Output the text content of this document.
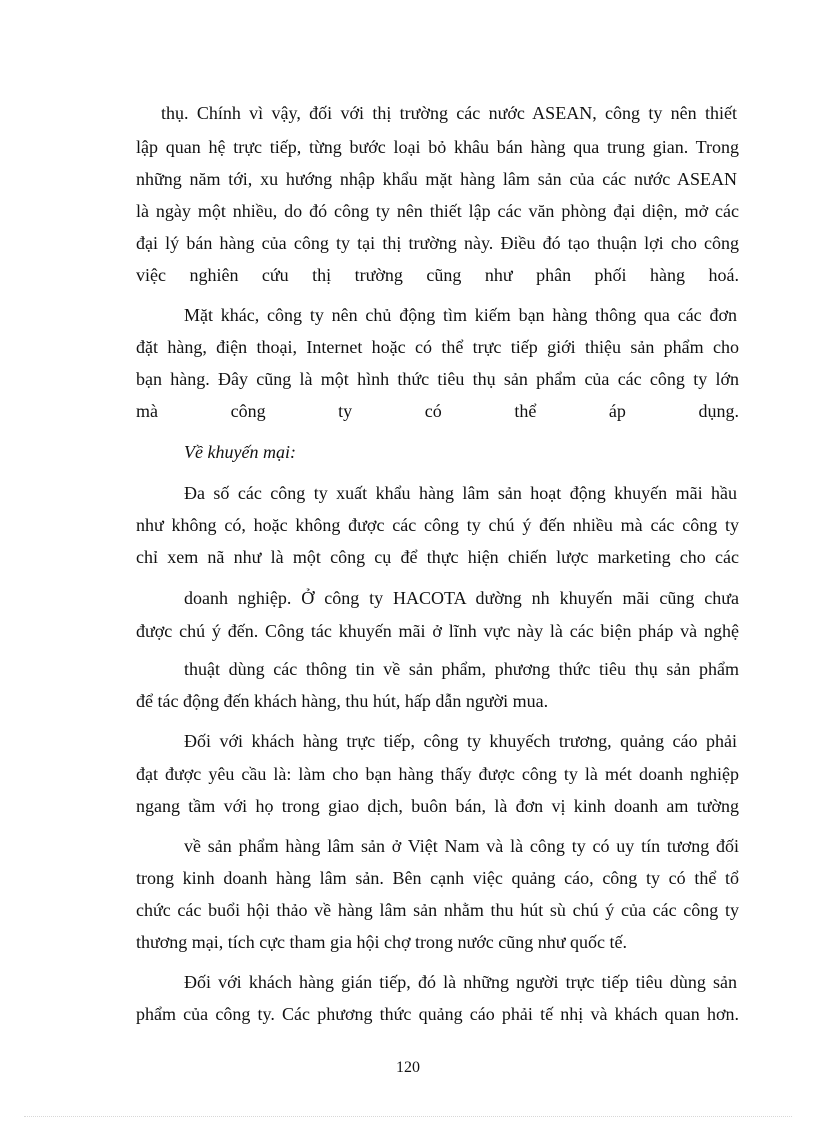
thụ. Chính vì vậy, đối với thị trường các nước ASEAN, công ty nên thiết
lập quan hệ trực tiếp, từng bước loại bỏ khâu bán hàng qua trung gian. Trong
những năm tới, xu hướng nhập khẩu mặt hàng lâm sản của các nước ASEAN
là ngày một nhiều, do đó công ty nên thiết lập các văn phòng đại diện, mở các
đại lý bán hàng của công ty tại thị trường này. Điều đó tạo thuận lợi cho công
việc nghiên cứu thị trường cũng như phân phối hàng hoá.
Mặt khác, công ty nên chủ động tìm kiếm bạn hàng thông qua các đơn
đặt hàng, điện thoại, Internet hoặc có thể trực tiếp giới thiệu sản phẩm cho
bạn hàng. Đây cũng là một hình thức tiêu thụ sản phẩm của các công ty lớn
mà công ty có thể áp dụng.
Về khuyến mại:
Đa số các công ty xuất khẩu hàng lâm sản hoạt động khuyến mãi hầu
như không có, hoặc không được các công ty chú ý đến nhiều mà các công ty
chỉ xem nã như là một công cụ để thực hiện chiến lược marketing cho các
doanh nghiệp. Ở công ty HACOTA dường nh khuyến mãi cũng chưa
được chú ý đến. Công tác khuyến mãi ở lĩnh vực này là các biện pháp và nghệ
thuật dùng các thông tin về sản phẩm, phương thức tiêu thụ sản phẩm
để tác động đến khách hàng, thu hút, hấp dẫn người mua.
Đối với khách hàng trực tiếp, công ty khuyếch trương, quảng cáo phải
đạt được yêu cầu là: làm cho bạn hàng thấy được công ty là mét doanh nghiệp
ngang tầm với họ trong giao dịch, buôn bán, là đơn vị kinh doanh am tường
về sản phẩm hàng lâm sản ở Việt Nam và là công ty có uy tín tương đối
trong kinh doanh hàng lâm sản. Bên cạnh việc quảng cáo, công ty có thể tổ
chức các buổi hội thảo về hàng lâm sản nhằm thu hút sù chú ý của các công ty
thương mại, tích cực tham gia hội chợ trong nước cũng như quốc tế.
Đối với khách hàng gián tiếp, đó là những người trực tiếp tiêu dùng sản
phẩm của công ty. Các phương thức quảng cáo phải tế nhị và khách quan hơn.
120
